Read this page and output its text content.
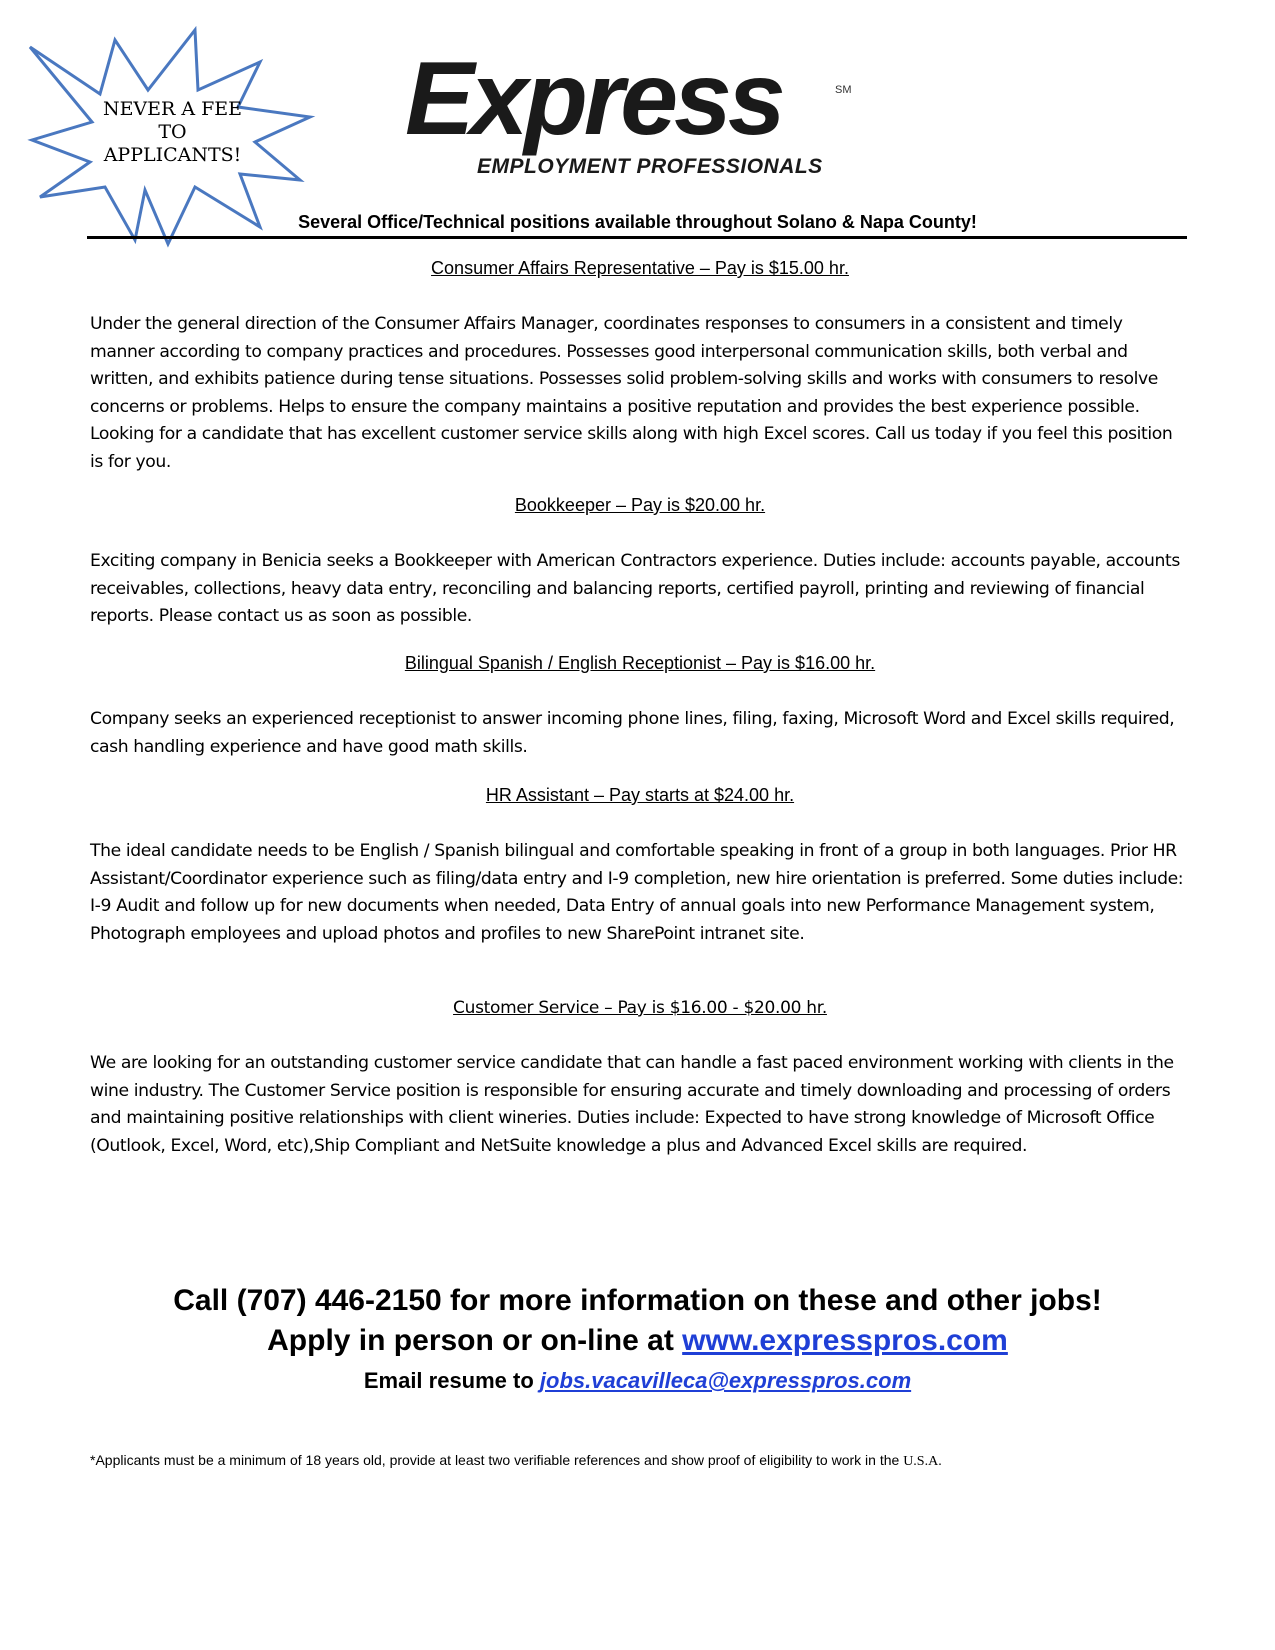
NEVER A FEE
TO
APPLICANTS! Express
EMPLOYMENT PROFESSIONALS
SM
Several Office/Technical positions available throughout Solano & Napa County!

Consumer Affairs Representative – Pay is $15.00 hr.

Under the general direction of the Consumer Affairs Manager, coordinates responses to consumers in a consistent and timely manner according to company practices and procedures. Possesses good interpersonal communication skills, both verbal and written, and exhibits patience during tense situations. Possesses solid problem-solving skills and works with consumers to resolve concerns or problems. Helps to ensure the company maintains a positive reputation and provides the best experience possible. Looking for a candidate that has excellent customer service skills along with high Excel scores. Call us today if you feel this position is for you.

Bookkeeper – Pay is $20.00 hr.

Exciting company in Benicia seeks a Bookkeeper with American Contractors experience. Duties include: accounts payable, accounts receivables, collections, heavy data entry, reconciling and balancing reports, certified payroll, printing and reviewing of financial reports. Please contact us as soon as possible.

Bilingual Spanish / English Receptionist – Pay is $16.00 hr.

Company seeks an experienced receptionist to answer incoming phone lines, filing, faxing, Microsoft Word and Excel skills required, cash handling experience and have good math skills.

HR Assistant – Pay starts at $24.00 hr.

The ideal candidate needs to be English / Spanish bilingual and comfortable speaking in front of a group in both languages. Prior HR Assistant/Coordinator experience such as filing/data entry and I-9 completion, new hire orientation is preferred. Some duties include: I-9 Audit and follow up for new documents when needed, Data Entry of annual goals into new Performance Management system, Photograph employees and upload photos and profiles to new SharePoint intranet site.

Customer Service – Pay is $16.00 - $20.00 hr.

We are looking for an outstanding customer service candidate that can handle a fast paced environment working with clients in the wine industry. The Customer Service position is responsible for ensuring accurate and timely downloading and processing of orders and maintaining positive relationships with client wineries. Duties include: Expected to have strong knowledge of Microsoft Office (Outlook, Excel, Word, etc),Ship Compliant and NetSuite knowledge a plus and Advanced Excel skills are required.

Call (707) 446-2150 for more information on these and other jobs!
Apply in person or on-line at www.expresspros.com
Email resume to jobs.vacavilleca@expresspros.com
*Applicants must be a minimum of 18 years old, provide at least two verifiable references and show proof of eligibility to work in the U.S.A.
